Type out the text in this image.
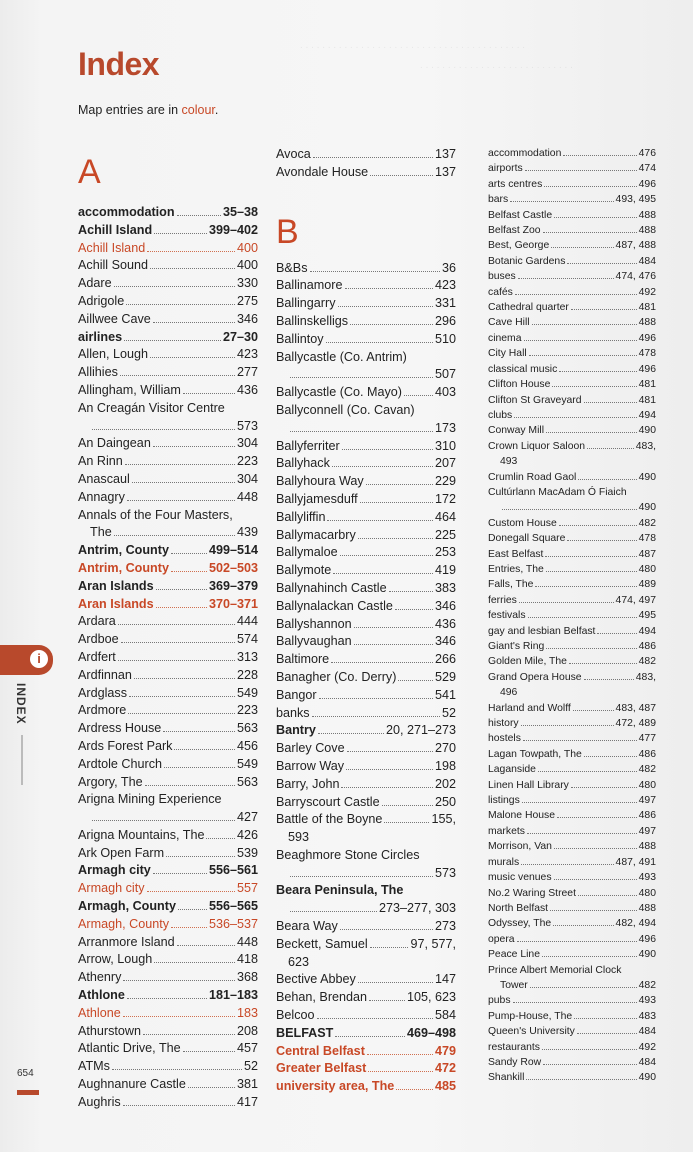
. . . . . . . . . . . . . . . . . . . . . . . . . . . . . . . . . . . . . . . . .
. . . . . . . . . . . . . . . . . . . . . . . . . . . .
Index
Map entries are in colour.
A
accommodation	35–38
Achill Island	399–402
Achill Island	400
Achill Sound	400
Adare	330
Adrigole	275
Aillwee Cave	346
airlines	27–30
Allen, Lough	423
Allihies	277
Allingham, William	436
An Creagán Visitor Centre
573
An Daingean	304
An Rinn	223
Anascaul	304
Annagry	448
Annals of the Four Masters,
The	439
Antrim, County	499–514
Antrim, County	502–503
Aran Islands	369–379
Aran Islands	370–371
Ardara	444
Ardboe	574
Ardfert	313
Ardfinnan	228
Ardglass	549
Ardmore	223
Ardress House	563
Ards Forest Park	456
Ardtole Church	549
Argory, The	563
Arigna Mining Experience
427
Arigna Mountains, The	426
Ark Open Farm	539
Armagh city	556–561
Armagh city	557
Armagh, County	556–565
Armagh, County	536–537
Arranmore Island	448
Arrow, Lough	418
Athenry	368
Athlone	181–183
Athlone	183
Athurstown	208
Atlantic Drive, The	457
ATMs	52
Aughnanure Castle	381
Aughris	417
Avoca	137
Avondale House	137
B
B&Bs	36
Ballinamore	423
Ballingarry	331
Ballinskelligs	296
Ballintoy	510
Ballycastle (Co. Antrim)
507
Ballycastle (Co. Mayo)	403
Ballyconnell (Co. Cavan)
173
Ballyferriter	310
Ballyhack	207
Ballyhoura Way	229
Ballyjamesduff	172
Ballyliffin	464
Ballymacarbry	225
Ballymaloe	253
Ballymote	419
Ballynahinch Castle	383
Ballynalackan Castle	346
Ballyshannon	436
Ballyvaughan	346
Baltimore	266
Banagher (Co. Derry)	529
Bangor	541
banks	52
Bantry	20, 271–273
Barley Cove	270
Barrow Way	198
Barry, John	202
Barryscourt Castle	250
Battle of the Boyne	155,
593
Beaghmore Stone Circles
573
Beara Peninsula, The
273–277, 303
Beara Way	273
Beckett, Samuel	97, 577,
623
Bective Abbey	147
Behan, Brendan	105, 623
Belcoo	584
BELFAST	469–498
Central Belfast	479
Greater Belfast	472
university area, The	485
accommodation	476
airports	474
arts centres	496
bars	493, 495
Belfast Castle	488
Belfast Zoo	488
Best, George	487, 488
Botanic Gardens	484
buses	474, 476
cafés	492
Cathedral quarter	481
Cave Hill	488
cinema	496
City Hall	478
classical music	496
Clifton House	481
Clifton St Graveyard	481
clubs	494
Conway Mill	490
Crown Liquor Saloon	483,
493
Crumlin Road Gaol	490
Cultúrlann MacAdam Ó Fiaich
490
Custom House	482
Donegall Square	478
East Belfast	487
Entries, The	480
Falls, The	489
ferries	474, 497
festivals	495
gay and lesbian Belfast	494
Giant's Ring	486
Golden Mile, The	482
Grand Opera House	483,
496
Harland and Wolff	483, 487
history	472, 489
hostels	477
Lagan Towpath, The	486
Laganside	482
Linen Hall Library	480
listings	497
Malone House	486
markets	497
Morrison, Van	488
murals	487, 491
music venues	493
No.2 Waring Street	480
North Belfast	488
Odyssey, The	482, 494
opera	496
Peace Line	490
Prince Albert Memorial Clock
Tower	482
pubs	493
Pump-House, The	483
Queen's University	484
restaurants	492
Sandy Row	484
Shankill	490
i
INDEX
654
